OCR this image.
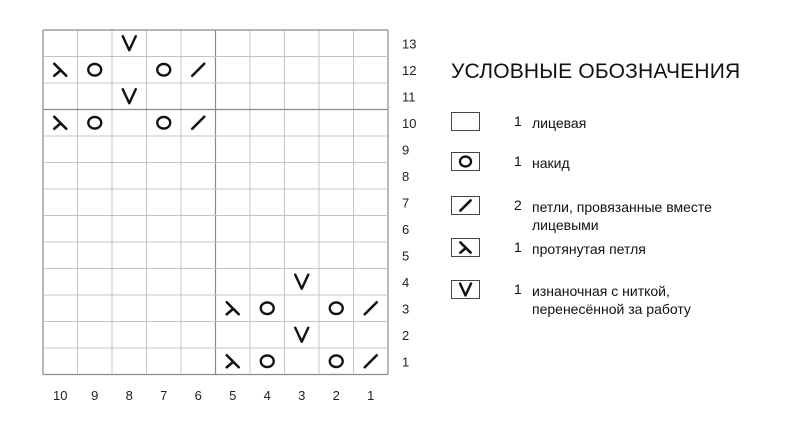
1
2
3
4
5
6
7
8
9
10
11
12
13
10 9 8 7 6 5 4 3 2 1
УСЛОВНЫЕ ОБОЗНАЧЕНИЯ
1 лицевая
1 накид
2 петли, провязанные вместе
лицевыми
1 протянутая петля
1 изнаночная с ниткой,
перенесённой за работу
